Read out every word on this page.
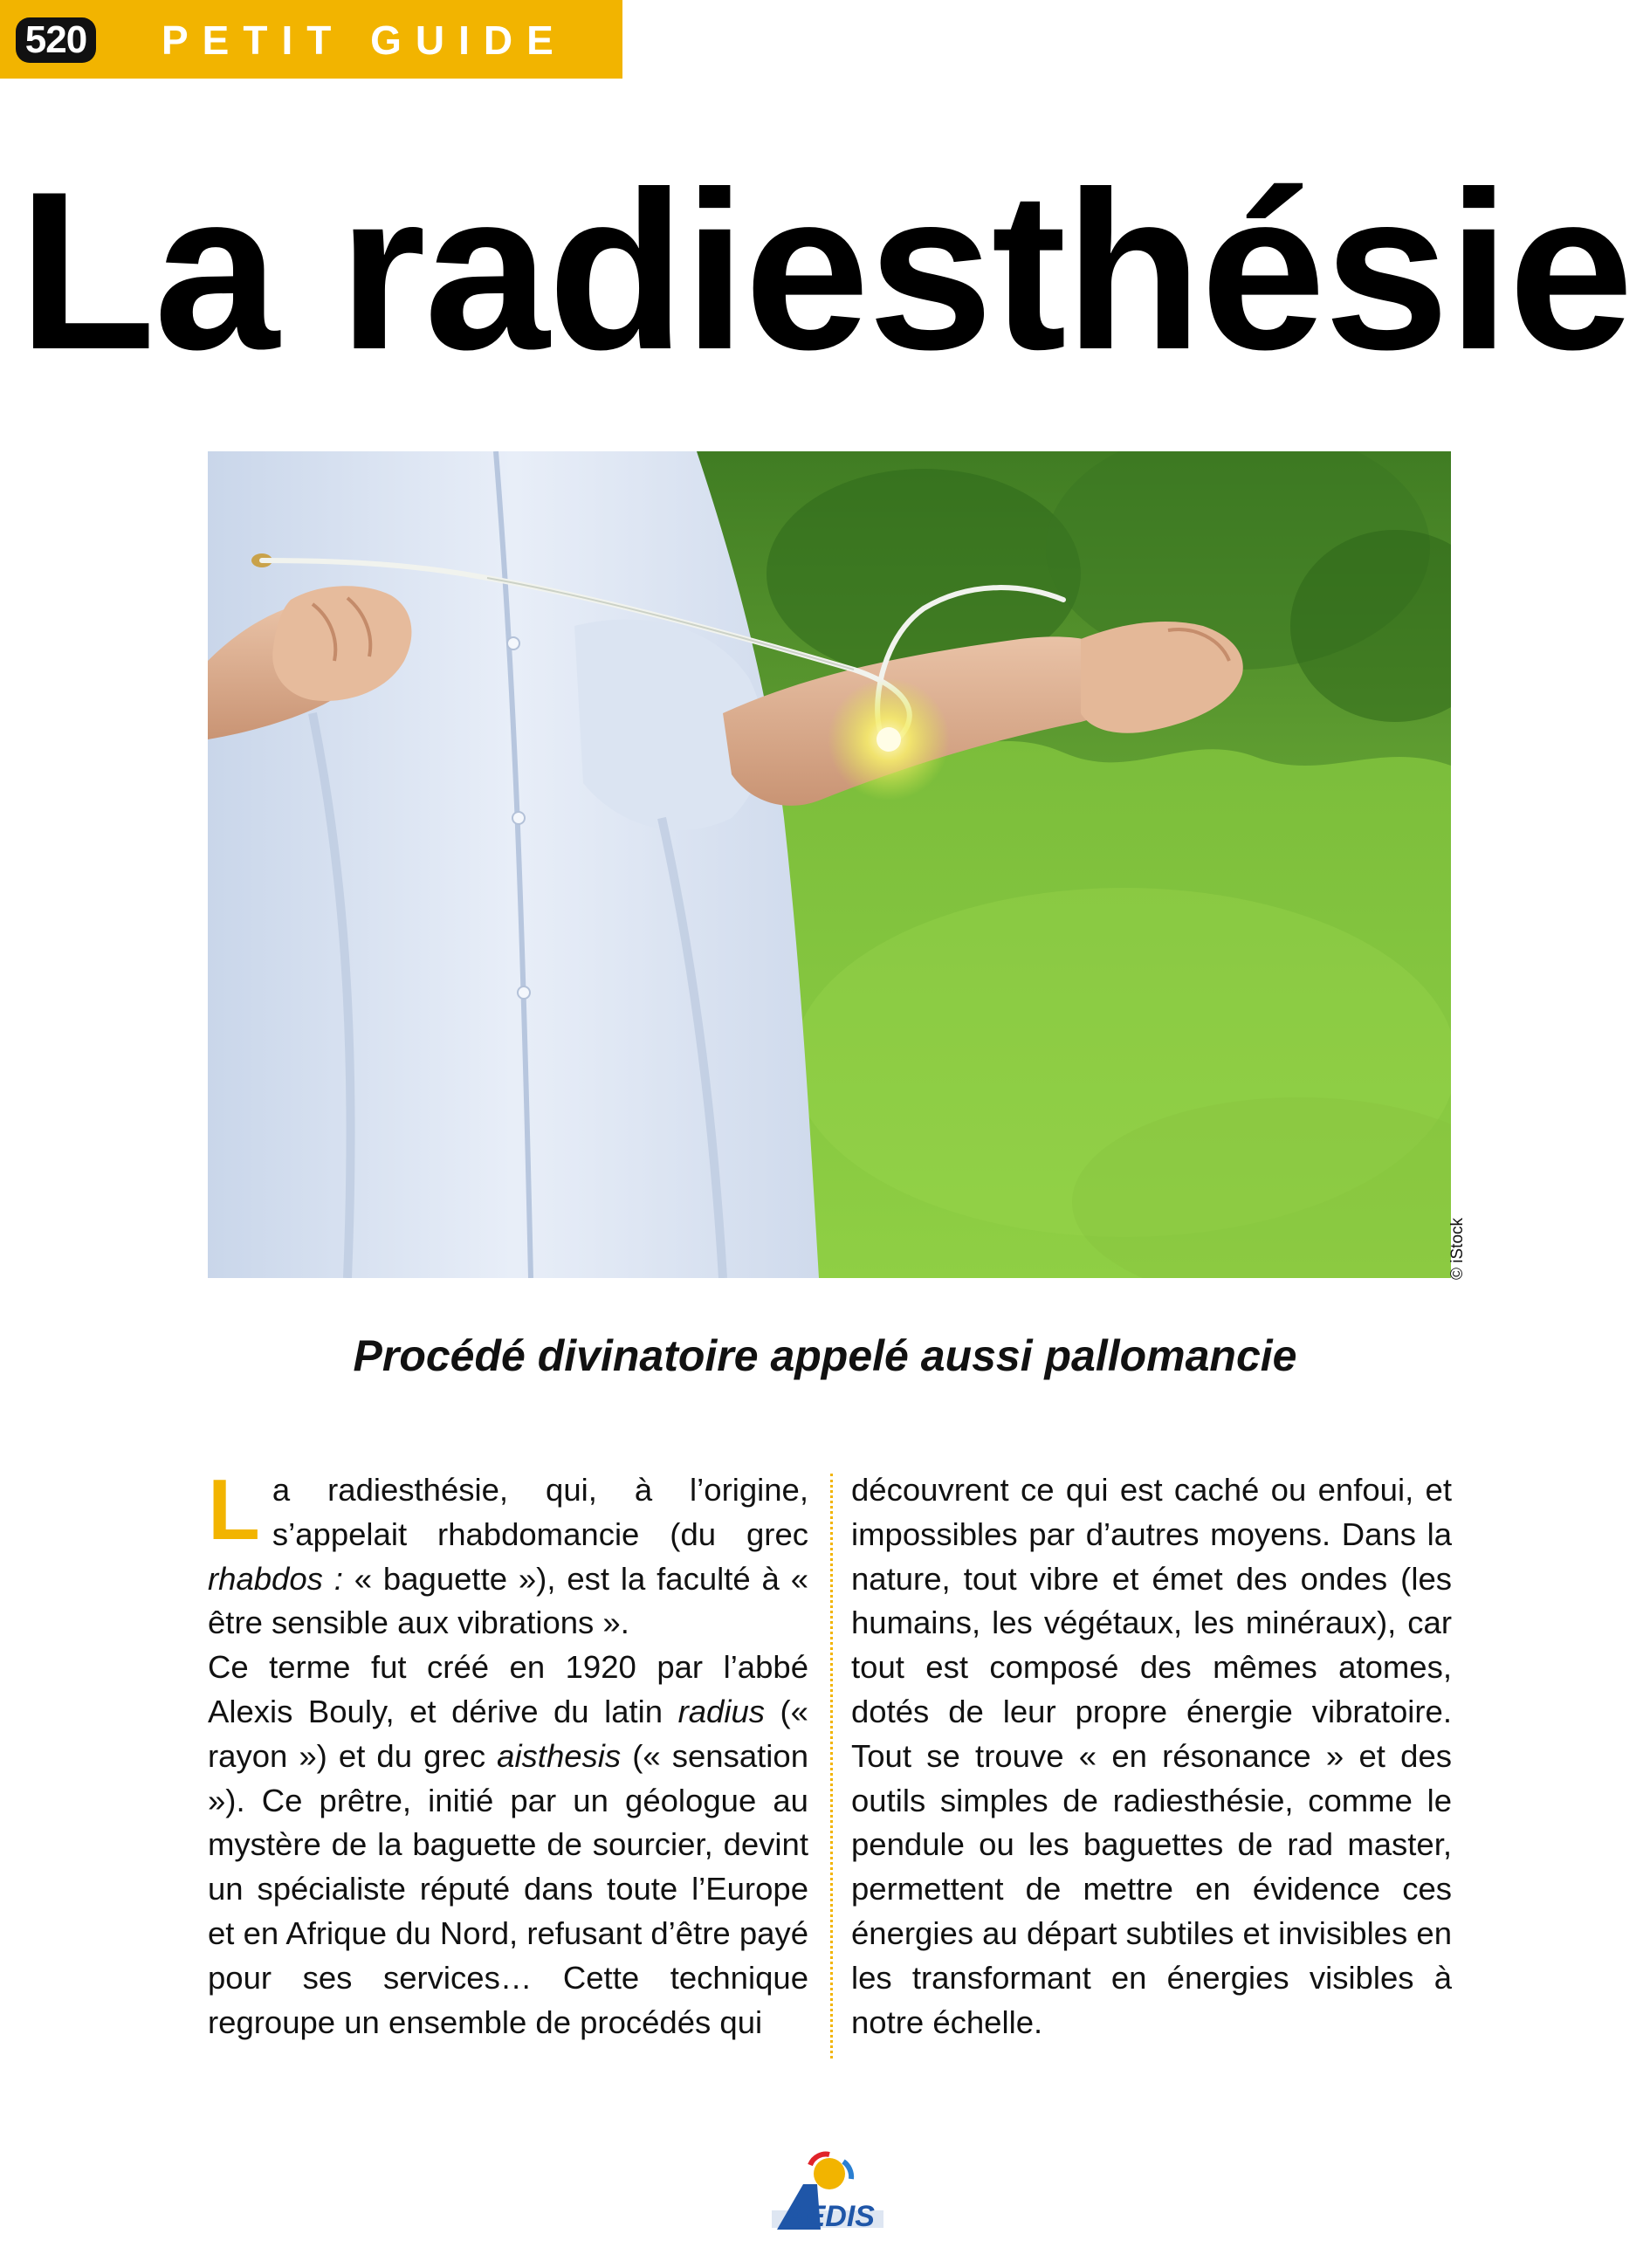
520 PETIT GUIDE
La radiesthésie
© iStock
Procédé divinatoire appelé aussi pallomancie

La radiesthésie, qui, à l’origine, s’appelait rhabdomancie (du grec rhabdos : « baguette »), est la faculté à « être sensible aux vibrations ».

Ce terme fut créé en 1920 par l’abbé Alexis Bouly, et dérive du latin radius (« rayon ») et du grec aisthesis (« sensation »). Ce prêtre, initié par un géologue au mystère de la baguette de sourcier, devint un spécialiste réputé dans toute l’Europe et en Afrique du Nord, refusant d’être payé pour ses services… Cette technique regroupe un ensemble de procédés qui

découvrent ce qui est caché ou enfoui, et impossibles par d’autres moyens. Dans la nature, tout vibre et émet des ondes (les humains, les végétaux, les minéraux), car tout est composé des mêmes atomes, dotés de leur propre énergie vibratoire. Tout se trouve « en résonance » et des outils simples de radiesthésie, comme le pendule ou les baguettes de rad master, permettent de mettre en évidence ces énergies au départ subtiles et invisibles en les transformant en énergies visibles à notre échelle.

AEDIS
